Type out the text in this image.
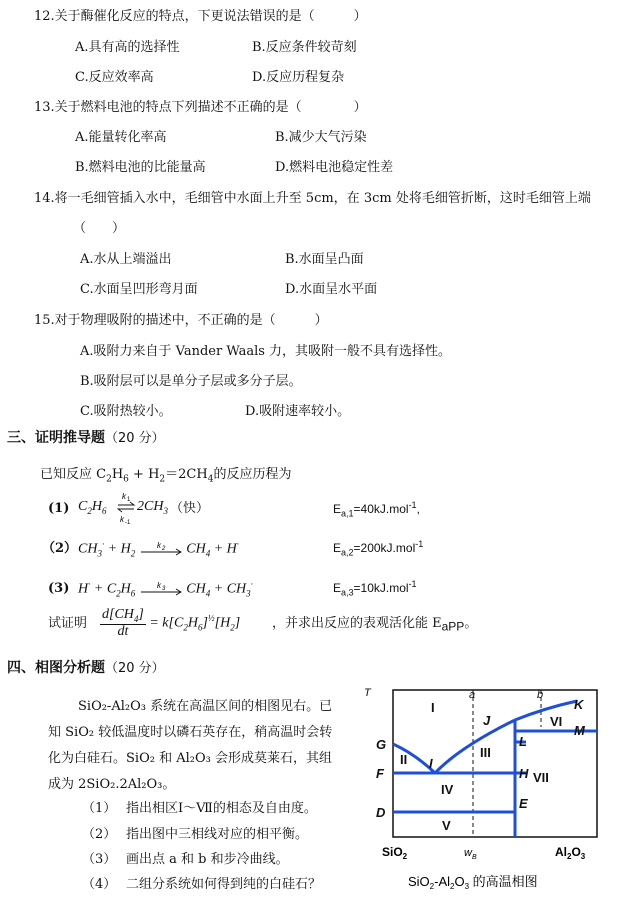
12.关于酶催化反应的特点，下更说法错误的是（　　　）
A.具有高的选择性	B.反应条件较苛刻
C.反应效率高	D.反应历程复杂
13.关于燃料电池的特点下列描述不正确的是（　　　　）
A.能量转化率高	B.减少大气污染
B.燃料电池的比能量高	D.燃料电池稳定性差
14.将一毛细管插入水中，毛细管中水面上升至 5cm，在 3cm 处将毛细管折断，这时毛细管上端
（　　）
A.水从上端溢出	B.水面呈凸面
C.水面呈凹形弯月面	D.水面呈水平面
15.对于物理吸附的描述中，不正确的是（　　　）
A.吸附力来自于 Vander Waals 力，其吸附一般不具有选择性。
B.吸附层可以是单分子层或多分子层。
C.吸附热较小。	D.吸附速率较小。
三、证明推导题（20 分）
已知反应 $C_2H_6 + H_2=2CH_4$的反应历程为
(1) $C_2H_6$
k 1
k -1
$2CH_3$ （快）	$E_{a,1}=40kJ.mol^{-1}$,
（2） $CH_3^\cdot + H_2$
k 2 $CH_4 + H^\cdot$	$E_{a,2}=200kJ.mol^{-1}$
(3) $H^\cdot + C_2H_6$
k 3 $CH_4 + CH_3^\cdot$	$E_{a,3}=10kJ.mol^{-1}$
试证明 $\frac{d[CH_4]}{dt} = k[C_2H_6]^{\frac{1}{2}}[H_2]$ ，并求出反应的表观活化能 $E_{aPP}$。
四、相图分析题（20 分）
SiO₂-Al₂O₃ 系统在高温区间的相图见右。已
知 SiO₂ 较低温度时以磷石英存在，稍高温时会转
化为白硅石。SiO₂ 和 Al₂O₃ 会形成莫莱石，其组
成为 2SiO₂.2Al₂O₃。
（1） 指出相区Ⅰ～Ⅶ的相态及自由度。
（2） 指出图中三相线对应的相平衡。
（3） 画出点 a 和 b 和步冷曲线。
（4） 二组分系统如何得到纯的白硅石？
T	a	b
G
F
D
I
J
K
M
L
H
E
I
II	III
IV
V
VI
VII
SiO$_2$	$w_B$	$Al_2O_3$
$SiO_2-Al_2O_3$ 的高温相图
